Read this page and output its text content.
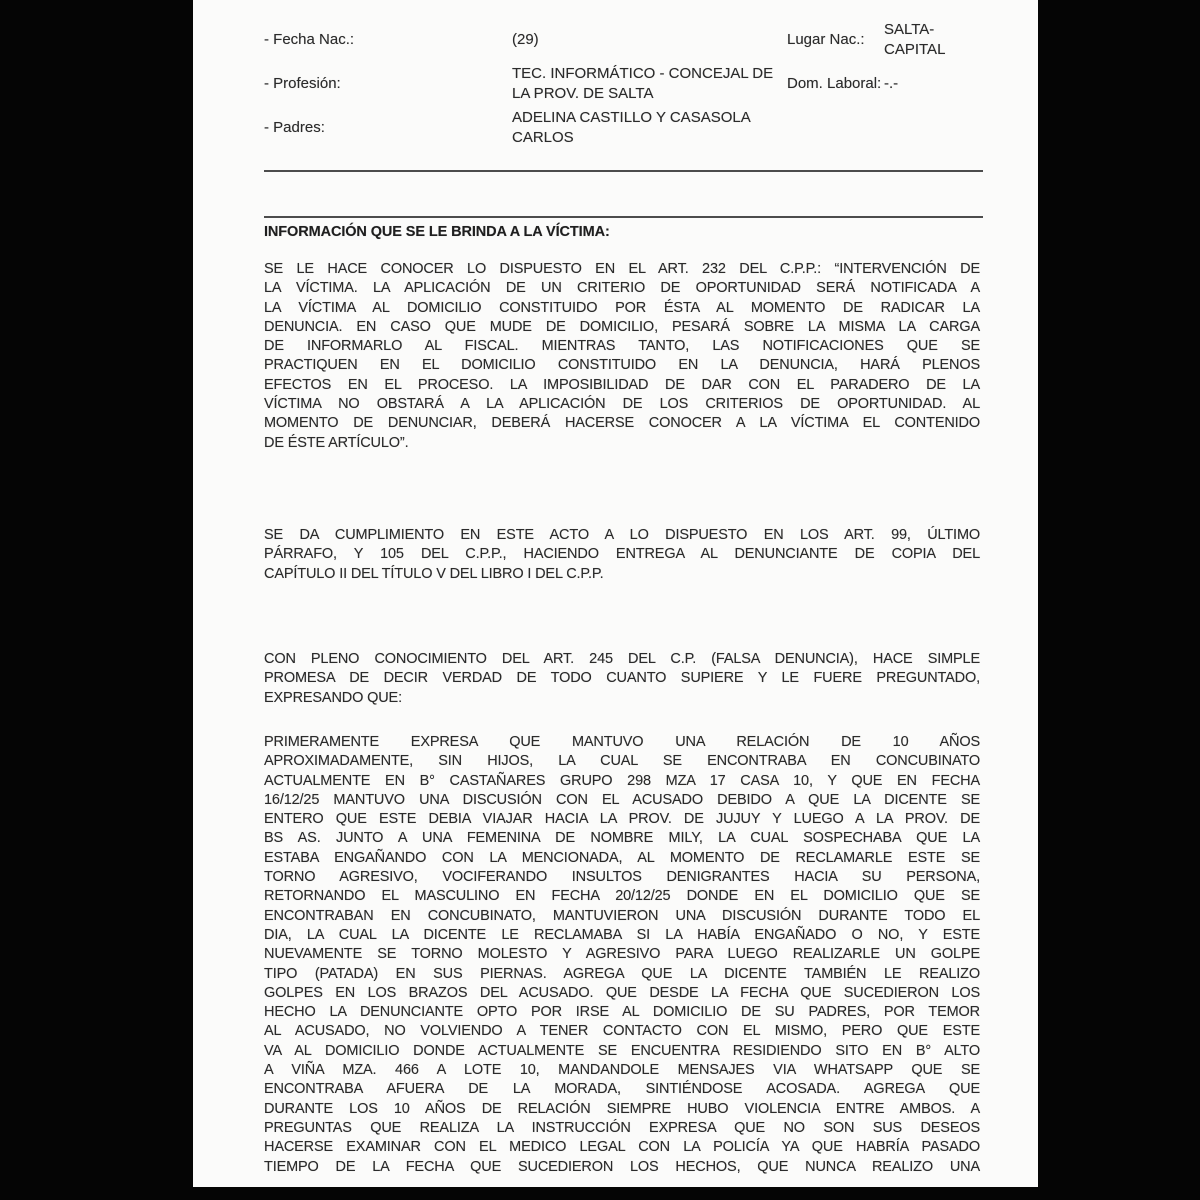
- Fecha Nac.:	(29)	Lugar Nac.:
SALTA-CAPITAL
- Profesión:
TEC. INFORMÁTICO - CONCEJAL DE LA PROV. DE SALTA
Dom. Laboral: -.-
- Padres:
ADELINA CASTILLO Y CASASOLA CARLOS
INFORMACIÓN QUE SE LE BRINDA A LA VÍCTIMA:
SE LE HACE CONOCER LO DISPUESTO EN EL ART. 232 DEL C.P.P.: “INTERVENCIÓN DE
LA VÍCTIMA. LA APLICACIÓN DE UN CRITERIO DE OPORTUNIDAD SERÁ NOTIFICADA A
LA VÍCTIMA AL DOMICILIO CONSTITUIDO POR ÉSTA AL MOMENTO DE RADICAR LA
DENUNCIA. EN CASO QUE MUDE DE DOMICILIO, PESARÁ SOBRE LA MISMA LA CARGA
DE INFORMARLO AL FISCAL. MIENTRAS TANTO, LAS NOTIFICACIONES QUE SE
PRACTIQUEN EN EL DOMICILIO CONSTITUIDO EN LA DENUNCIA, HARÁ PLENOS
EFECTOS EN EL PROCESO. LA IMPOSIBILIDAD DE DAR CON EL PARADERO DE LA
VÍCTIMA NO OBSTARÁ A LA APLICACIÓN DE LOS CRITERIOS DE OPORTUNIDAD. AL
MOMENTO DE DENUNCIAR, DEBERÁ HACERSE CONOCER A LA VÍCTIMA EL CONTENIDO
DE ÉSTE ARTÍCULO”.
SE DA CUMPLIMIENTO EN ESTE ACTO A LO DISPUESTO EN LOS ART. 99, ÚLTIMO
PÁRRAFO, Y 105 DEL C.P.P., HACIENDO ENTREGA AL DENUNCIANTE DE COPIA DEL
CAPÍTULO II DEL TÍTULO V DEL LIBRO I DEL C.P.P.
CON PLENO CONOCIMIENTO DEL ART. 245 DEL C.P. (FALSA DENUNCIA), HACE SIMPLE
PROMESA DE DECIR VERDAD DE TODO CUANTO SUPIERE Y LE FUERE PREGUNTADO,
EXPRESANDO QUE:
PRIMERAMENTE EXPRESA QUE MANTUVO UNA RELACIÓN DE 10 AÑOS
APROXIMADAMENTE, SIN HIJOS, LA CUAL SE ENCONTRABA EN CONCUBINATO
ACTUALMENTE EN B° CASTAÑARES GRUPO 298 MZA 17 CASA 10, Y QUE EN FECHA
16/12/25 MANTUVO UNA DISCUSIÓN CON EL ACUSADO DEBIDO A QUE LA DICENTE SE
ENTERO QUE ESTE DEBIA VIAJAR HACIA LA PROV. DE JUJUY Y LUEGO A LA PROV. DE
BS AS. JUNTO A UNA FEMENINA DE NOMBRE MILY, LA CUAL SOSPECHABA QUE LA
ESTABA ENGAÑANDO CON LA MENCIONADA, AL MOMENTO DE RECLAMARLE ESTE SE
TORNO AGRESIVO, VOCIFERANDO INSULTOS DENIGRANTES HACIA SU PERSONA,
RETORNANDO EL MASCULINO EN FECHA 20/12/25 DONDE EN EL DOMICILIO QUE SE
ENCONTRABAN EN CONCUBINATO, MANTUVIERON UNA DISCUSIÓN DURANTE TODO EL
DIA, LA CUAL LA DICENTE LE RECLAMABA SI LA HABÍA ENGAÑADO O NO, Y ESTE
NUEVAMENTE SE TORNO MOLESTO Y AGRESIVO PARA LUEGO REALIZARLE UN GOLPE
TIPO (PATADA) EN SUS PIERNAS. AGREGA QUE LA DICENTE TAMBIÉN LE REALIZO
GOLPES EN LOS BRAZOS DEL ACUSADO. QUE DESDE LA FECHA QUE SUCEDIERON LOS
HECHO LA DENUNCIANTE OPTO POR IRSE AL DOMICILIO DE SU PADRES, POR TEMOR
AL ACUSADO, NO VOLVIENDO A TENER CONTACTO CON EL MISMO, PERO QUE ESTE
VA AL DOMICILIO DONDE ACTUALMENTE SE ENCUENTRA RESIDIENDO SITO EN B° ALTO
A VIÑA MZA. 466 A LOTE 10, MANDANDOLE MENSAJES VIA WHATSAPP QUE SE
ENCONTRABA AFUERA DE LA MORADA, SINTIÉNDOSE ACOSADA. AGREGA QUE
DURANTE LOS 10 AÑOS DE RELACIÓN SIEMPRE HUBO VIOLENCIA ENTRE AMBOS. A
PREGUNTAS QUE REALIZA LA INSTRUCCIÓN EXPRESA QUE NO SON SUS DESEOS
HACERSE EXAMINAR CON EL MEDICO LEGAL CON LA POLICÍA YA QUE HABRÍA PASADO
TIEMPO DE LA FECHA QUE SUCEDIERON LOS HECHOS, QUE NUNCA REALIZO UNA
